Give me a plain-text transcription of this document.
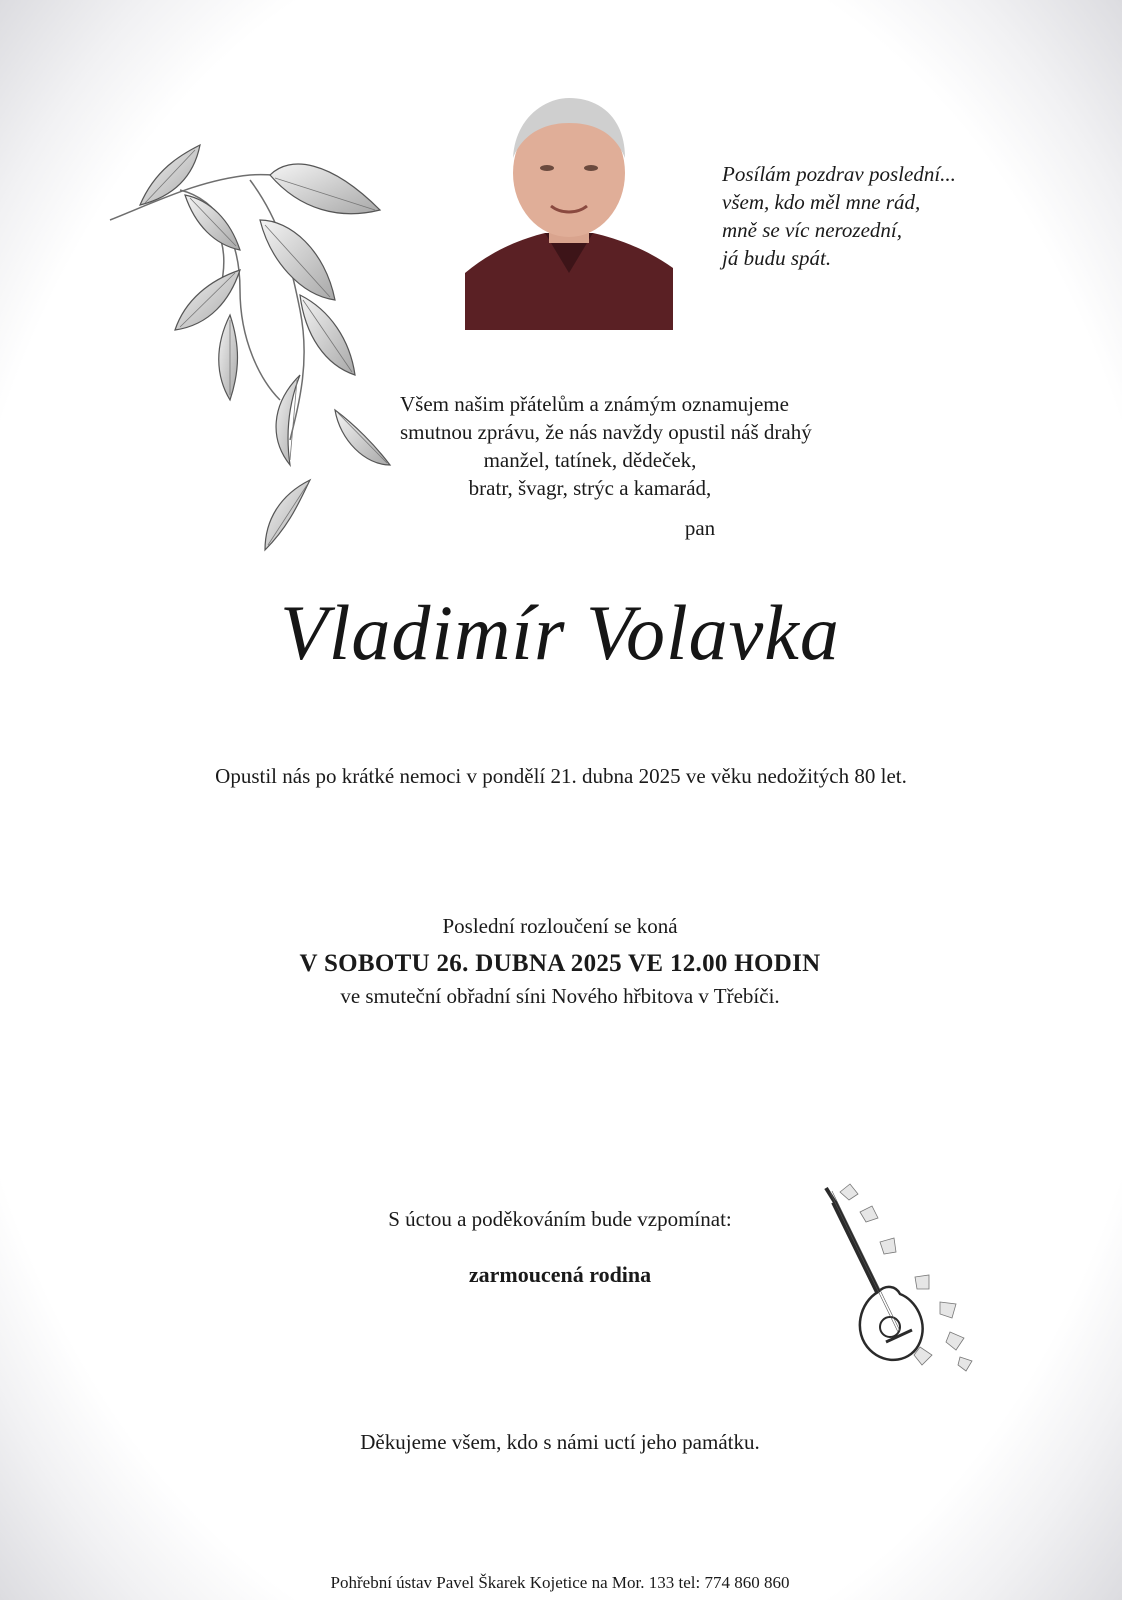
Posílám pozdrav poslední...
všem, kdo měl mne rád,
mně se víc nerozední,
já budu spát.
Všem našim přátelům a známým oznamujeme
smutnou zprávu, že nás navždy opustil náš drahý
manžel, tatínek, dědeček,
bratr, švagr, strýc a kamarád,
pan
Vladimír Volavka
Opustil nás po krátké nemoci v pondělí 21. dubna 2025 ve věku nedožitých 80 let.
Poslední rozloučení se koná
V SOBOTU 26. DUBNA 2025 VE 12.00 HODIN
ve smuteční obřadní síni Nového hřbitova v Třebíči.
S úctou a poděkováním bude vzpomínat:
zarmoucená rodina
Děkujeme všem, kdo s námi uctí jeho památku.
Pohřební ústav Pavel Škarek Kojetice na Mor. 133 tel: 774 860 860
